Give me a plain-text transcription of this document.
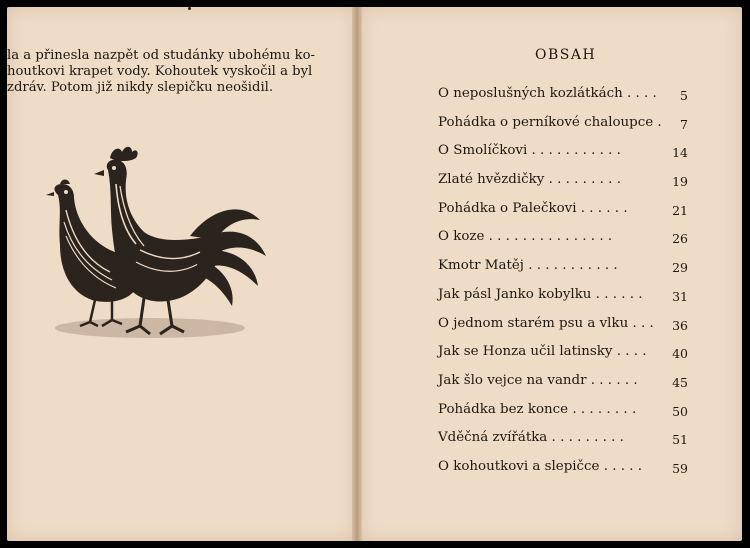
la a přinesla nazpět od studánky ubohému ko-
houtkovi krapet vody. Kohoutek vyskočil a byl
zdráv. Potom již nikdy slepičku neošidil.
OBSAH
O neposlušných kozlátkách . . . . 5
Pohádka o perníkové chaloupce . 7
O Smolíčkovi . . . . . . . . . . .	14
Zlaté hvězdičky . . . . . . . . .	19
Pohádka o Palečkovi . . . . . .	21
O koze . . . . . . . . . . . . . . .	26
Kmotr Matěj . . . . . . . . . . .	29
Jak pásl Janko kobylku . . . . . . 31
O jednom starém psu a vlku . . . 36
Jak se Honza učil latinsky . . . . 40
Jak šlo vejce na vandr . . . . . .	45
Pohádka bez konce . . . . . . . .	50
Vděčná zvířátka . . . . . . . . .	51
O kohoutkovi a slepičce . . . . . 59
